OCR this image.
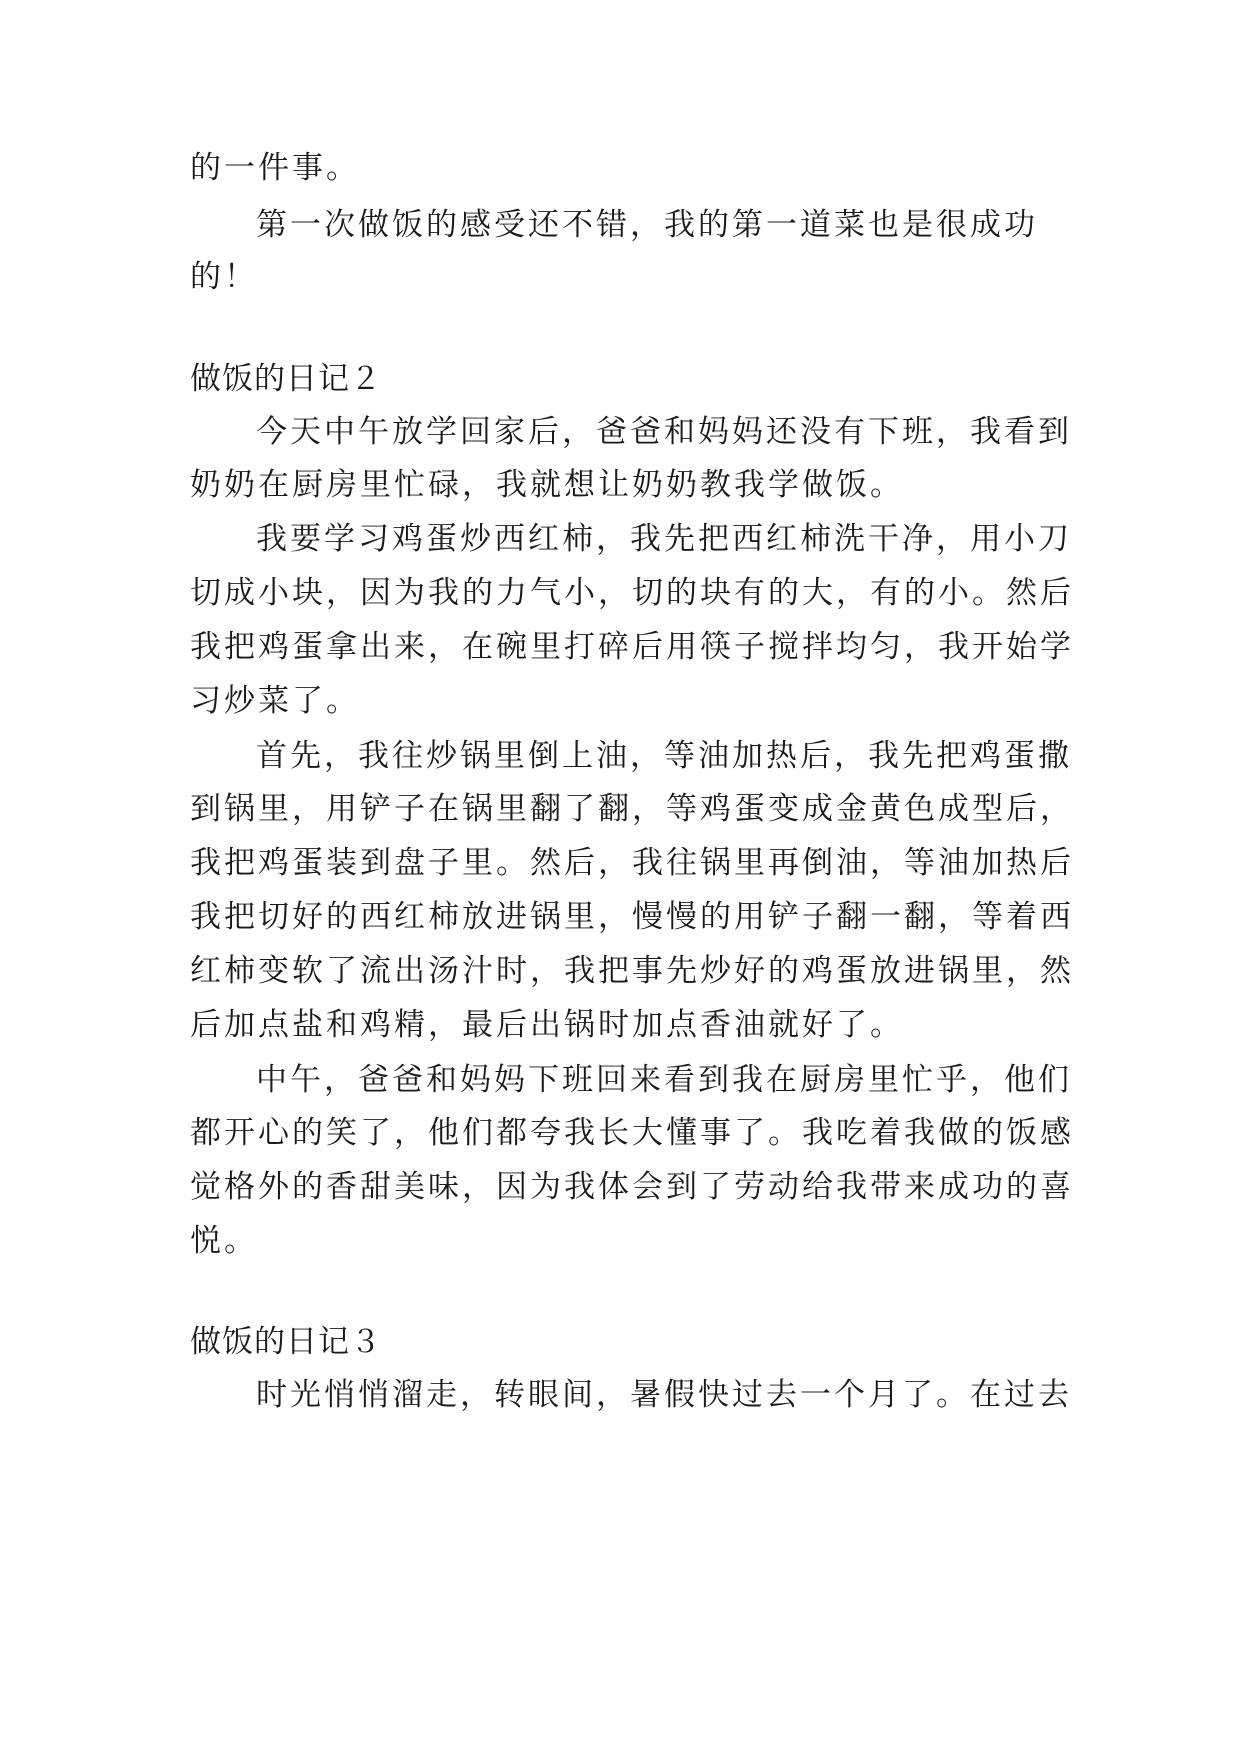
的一件事。
第一次做饭的感受还不错，我的第一道菜也是很成功
的！
做饭的日记２
今天中午放学回家后，爸爸和妈妈还没有下班，我看到
奶奶在厨房里忙碌，我就想让奶奶教我学做饭。
我要学习鸡蛋炒西红柿，我先把西红柿洗干净，用小刀
切成小块，因为我的力气小，切的块有的大，有的小。然后
我把鸡蛋拿出来，在碗里打碎后用筷子搅拌均匀，我开始学
习炒菜了。
首先，我往炒锅里倒上油，等油加热后，我先把鸡蛋撒
到锅里，用铲子在锅里翻了翻，等鸡蛋变成金黄色成型后，
我把鸡蛋装到盘子里。然后，我往锅里再倒油，等油加热后
我把切好的西红柿放进锅里，慢慢的用铲子翻一翻，等着西
红柿变软了流出汤汁时，我把事先炒好的鸡蛋放进锅里，然
后加点盐和鸡精，最后出锅时加点香油就好了。
中午，爸爸和妈妈下班回来看到我在厨房里忙乎，他们
都开心的笑了，他们都夸我长大懂事了。我吃着我做的饭感
觉格外的香甜美味，因为我体会到了劳动给我带来成功的喜
悦。
做饭的日记３
时光悄悄溜走，转眼间，暑假快过去一个月了。在过去
